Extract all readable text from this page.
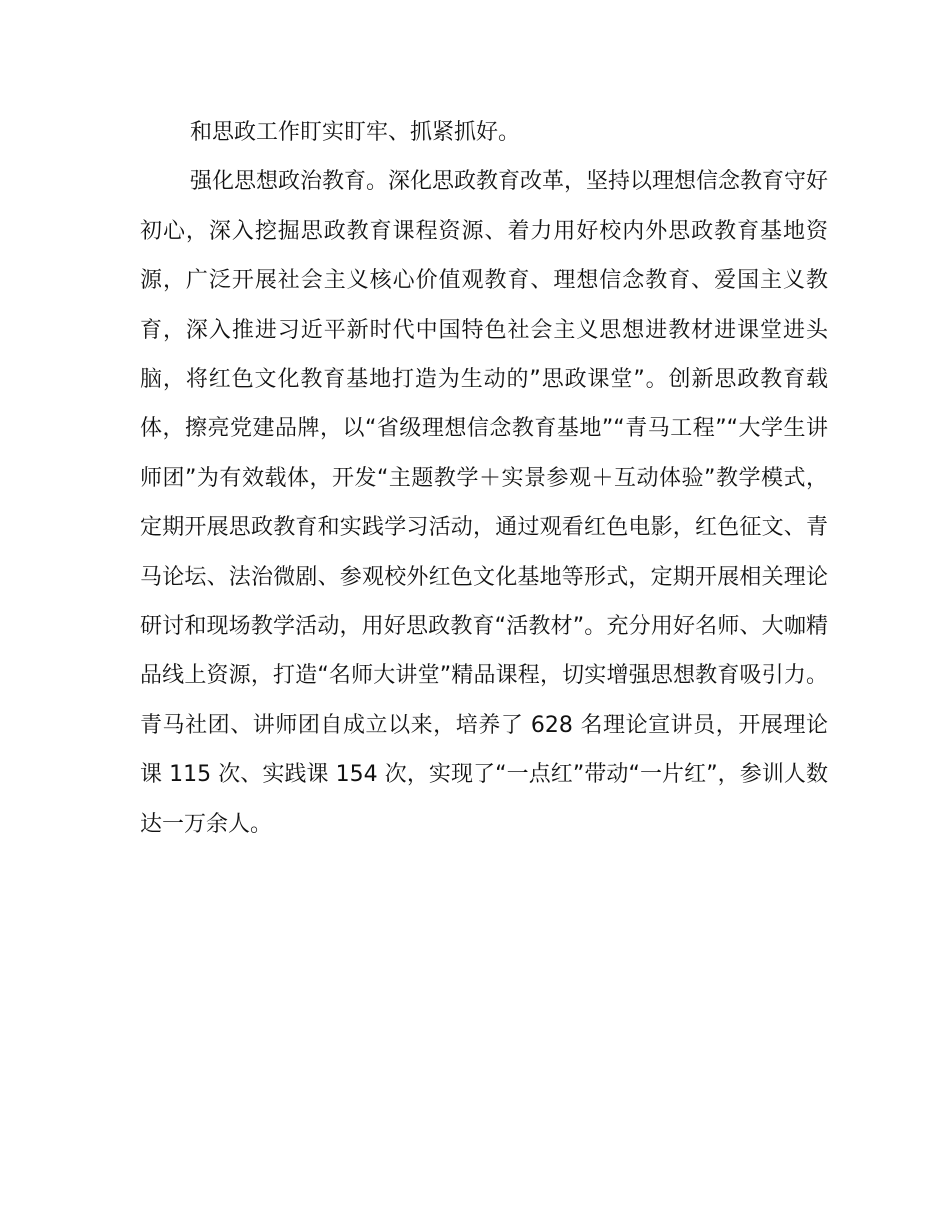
和思政工作盯实盯牢、抓紧抓好。

强化思想政治教育。深化思政教育改革，坚持以理想信念教育守好初心，深入挖掘思政教育课程资源、着力用好校内外思政教育基地资源，广泛开展社会主义核心价值观教育、理想信念教育、爱国主义教育，深入推进习近平新时代中国特色社会主义思想进教材进课堂进头脑，将红色文化教育基地打造为生动的”思政课堂”。创新思政教育载体，擦亮党建品牌，以“省级理想信念教育基地”“青马工程”“大学生讲师团”为有效载体，开发“主题教学＋实景参观＋互动体验”教学模式，定期开展思政教育和实践学习活动，通过观看红色电影，红色征文、青马论坛、法治微剧、参观校外红色文化基地等形式，定期开展相关理论研讨和现场教学活动，用好思政教育“活教材”。充分用好名师、大咖精品线上资源，打造“名师大讲堂”精品课程，切实增强思想教育吸引力。青马社团、讲师团自成立以来，培养了 628 名理论宣讲员，开展理论课 115 次、实践课 154 次，实现了“一点红”带动“一片红”，参训人数达一万余人。
